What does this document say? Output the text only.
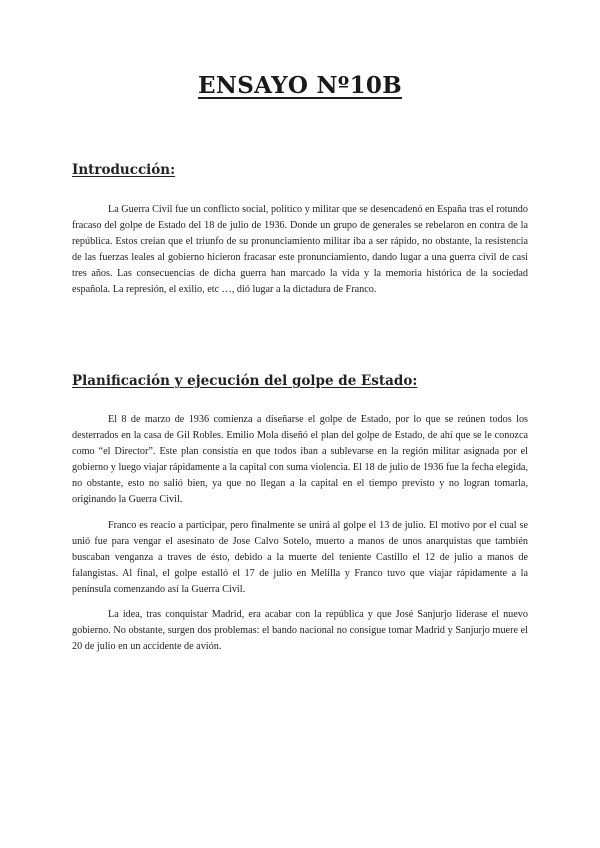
ENSAYO Nº10B
Introducción:

La Guerra Civil fue un conflicto social, político y militar que se desencadenó en España tras el rotundo fracaso del golpe de Estado del 18 de julio de 1936. Donde un grupo de generales se rebelaron en contra de la república. Estos creían que el triunfo de su pronunciamiento militar iba a ser rápido, no obstante, la resistencia de las fuerzas leales al gobierno hicieron fracasar este pronunciamiento, dando lugar a una guerra civil de casi tres años. Las consecuencias de dicha guerra han marcado la vida y la memoria histórica de la sociedad española. La represión, el exilio, etc …, dió lugar a la dictadura de Franco.

Planificación y ejecución del golpe de Estado:

El 8 de marzo de 1936 comienza a diseñarse el golpe de Estado, por lo que se reúnen todos los desterrados en la casa de Gil Robles. Emilio Mola diseñó el plan del golpe de Estado, de ahí que se le conozca como “el Director”. Este plan consistía en que todos iban a sublevarse en la región militar asignada por el gobierno y luego viajar rápidamente a la capital con suma violencia. El 18 de julio de 1936 fue la fecha elegida, no obstante, esto no salió bien, ya que no llegan a la capital en el tiempo previsto y no logran tomarla, originando la Guerra Civil.

Franco es reacio a participar, pero finalmente se unirá al golpe el 13 de julio. El motivo por el cual se unió fue para vengar el asesinato de Jose Calvo Sotelo, muerto a manos de unos anarquistas que también buscaban venganza a traves de ésto, debido a la muerte del teniente Castillo el 12 de julio a manos de falangistas. Al final, el golpe estalló el 17 de julio en Melilla y Franco tuvo que viajar rápidamente a la península comenzando así la Guerra Civil.

La idea, tras conquistar Madrid, era acabar con la república y que José Sanjurjo liderase el nuevo gobierno. No obstante, surgen dos problemas: el bando nacional no consigue tomar Madrid y Sanjurjo muere el 20 de julio en un accidente de avión.
